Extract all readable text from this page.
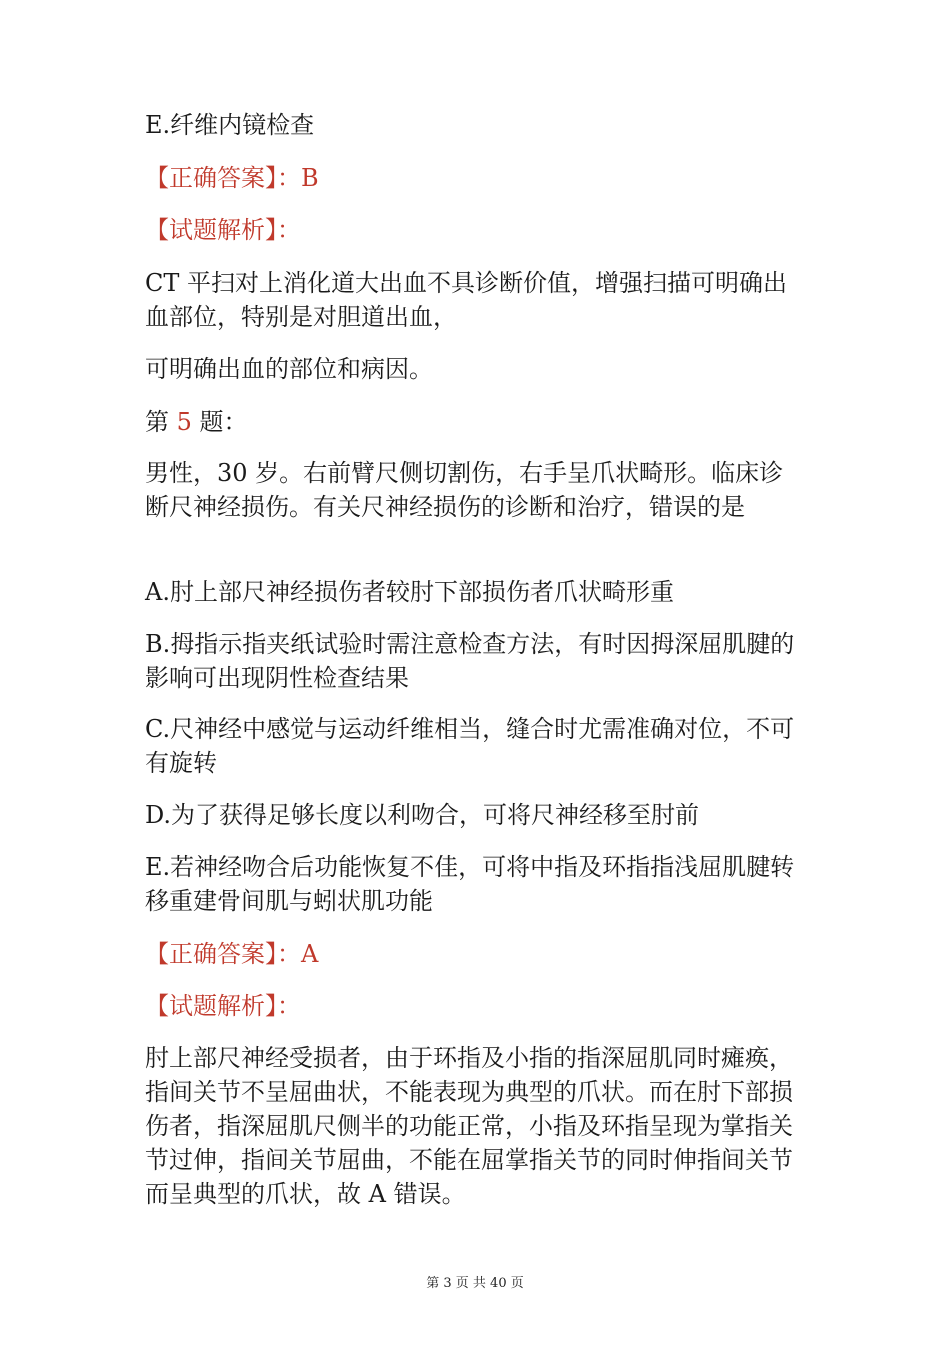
E.纤维内镜检查

【正确答案】：B

【试题解析】：

CT 平扫对上消化道大出血不具诊断价值，增强扫描可明确出血部位，特别是对胆道出血，

可明确出血的部位和病因。

第 5 题：

男性，30 岁。右前臂尺侧切割伤，右手呈爪状畸形。临床诊断尺神经损伤。有关尺神经损伤的诊断和治疗，错误的是

A.肘上部尺神经损伤者较肘下部损伤者爪状畸形重

B.拇指示指夹纸试验时需注意检查方法，有时因拇深屈肌腱的影响可出现阴性检查结果

C.尺神经中感觉与运动纤维相当，缝合时尤需准确对位，不可有旋转

D.为了获得足够长度以利吻合，可将尺神经移至肘前

E.若神经吻合后功能恢复不佳，可将中指及环指指浅屈肌腱转移重建骨间肌与蚓状肌功能

【正确答案】：A

【试题解析】：

肘上部尺神经受损者，由于环指及小指的指深屈肌同时瘫痪，指间关节不呈屈曲状，不能表现为典型的爪状。而在肘下部损伤者，指深屈肌尺侧半的功能正常，小指及环指呈现为掌指关节过伸，指间关节屈曲，不能在屈掌指关节的同时伸指间关节而呈典型的爪状，故 A 错误。

第 3 页 共 40 页
